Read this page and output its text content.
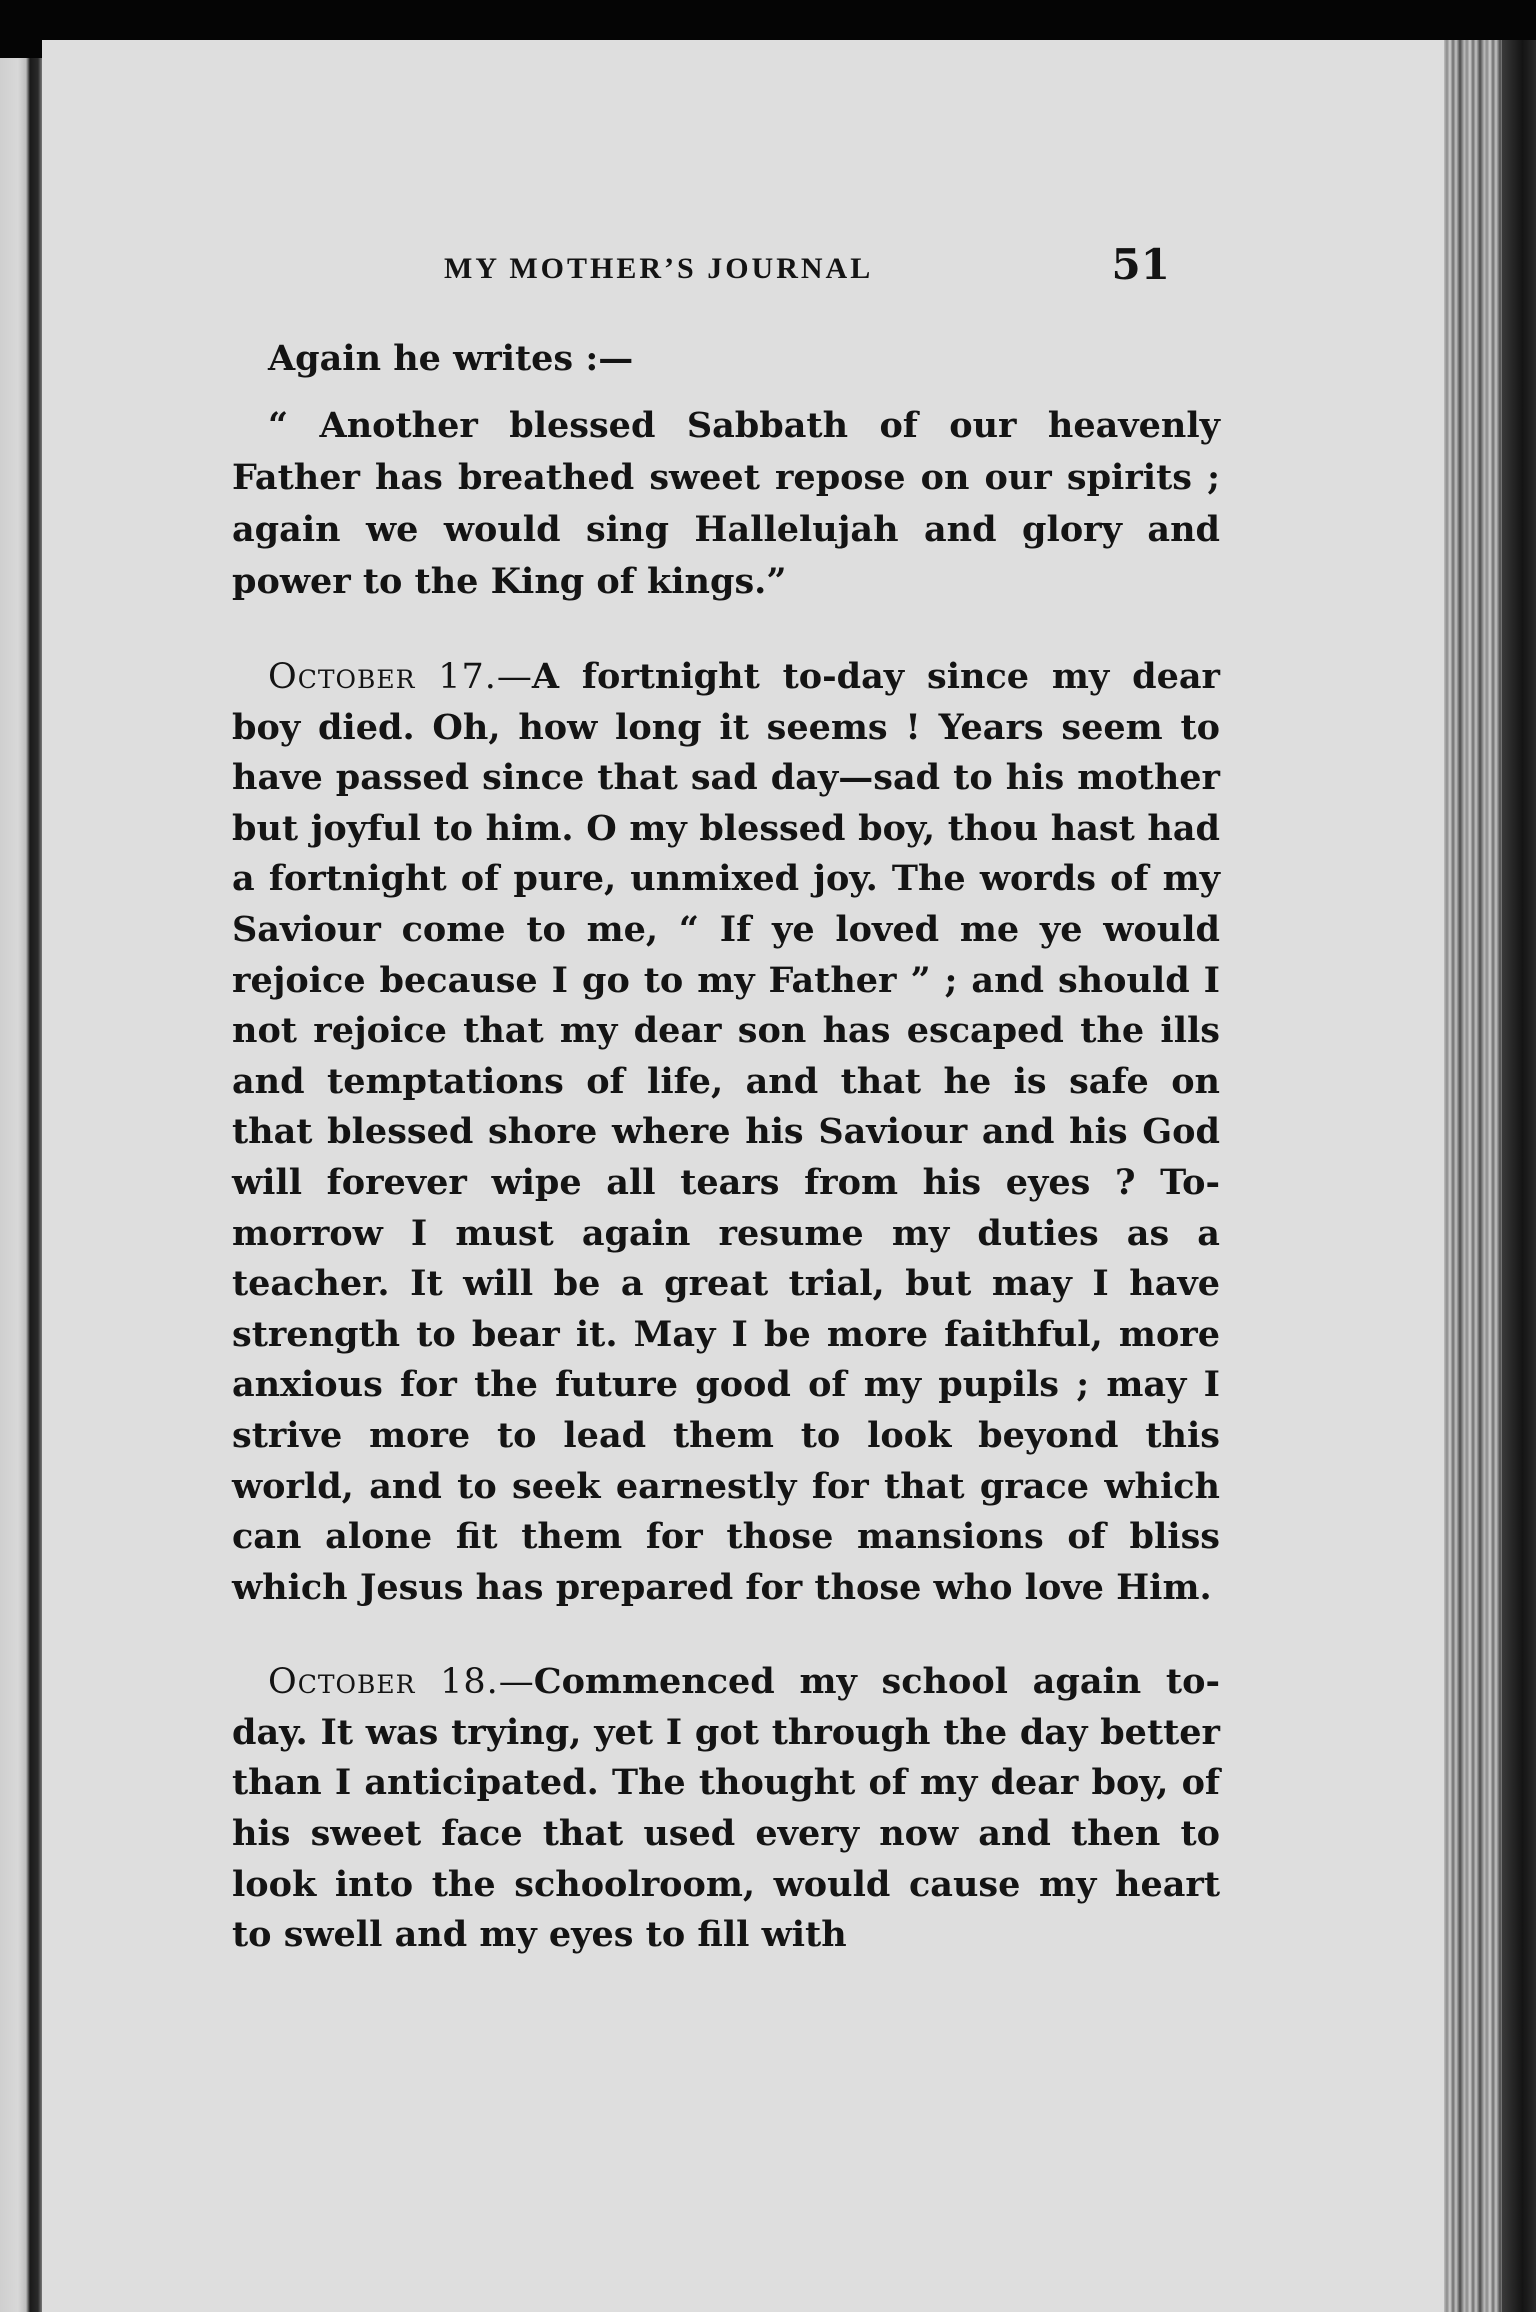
MY MOTHER’S JOURNAL	51

Again he writes :—

“ Another blessed Sabbath of our heavenly Father has breathed sweet repose on our spirits ; again we would sing Hallelujah and glory and power to the King of kings.”

October 17.—A fortnight to-day since my dear boy died. Oh, how long it seems ! Years seem to have passed since that sad day—sad to his mother but joyful to him. O my blessed boy, thou hast had a fortnight of pure, unmixed joy. The words of my Saviour come to me, “ If ye loved me ye would rejoice because I go to my Father ” ; and should I not rejoice that my dear son has escaped the ills and temptations of life, and that he is safe on that blessed shore where his Saviour and his God will forever wipe all tears from his eyes ? To-morrow I must again resume my duties as a teacher. It will be a great trial, but may I have strength to bear it. May I be more faithful, more anxious for the future good of my pupils ; may I strive more to lead them to look beyond this world, and to seek earnestly for that grace which can alone fit them for those mansions of bliss which Jesus has prepared for those who love Him.

October 18.—Commenced my school again to-day. It was trying, yet I got through the day better than I anticipated. The thought of my dear boy, of his sweet face that used every now and then to look into the schoolroom, would cause my heart to swell and my eyes to fill with
